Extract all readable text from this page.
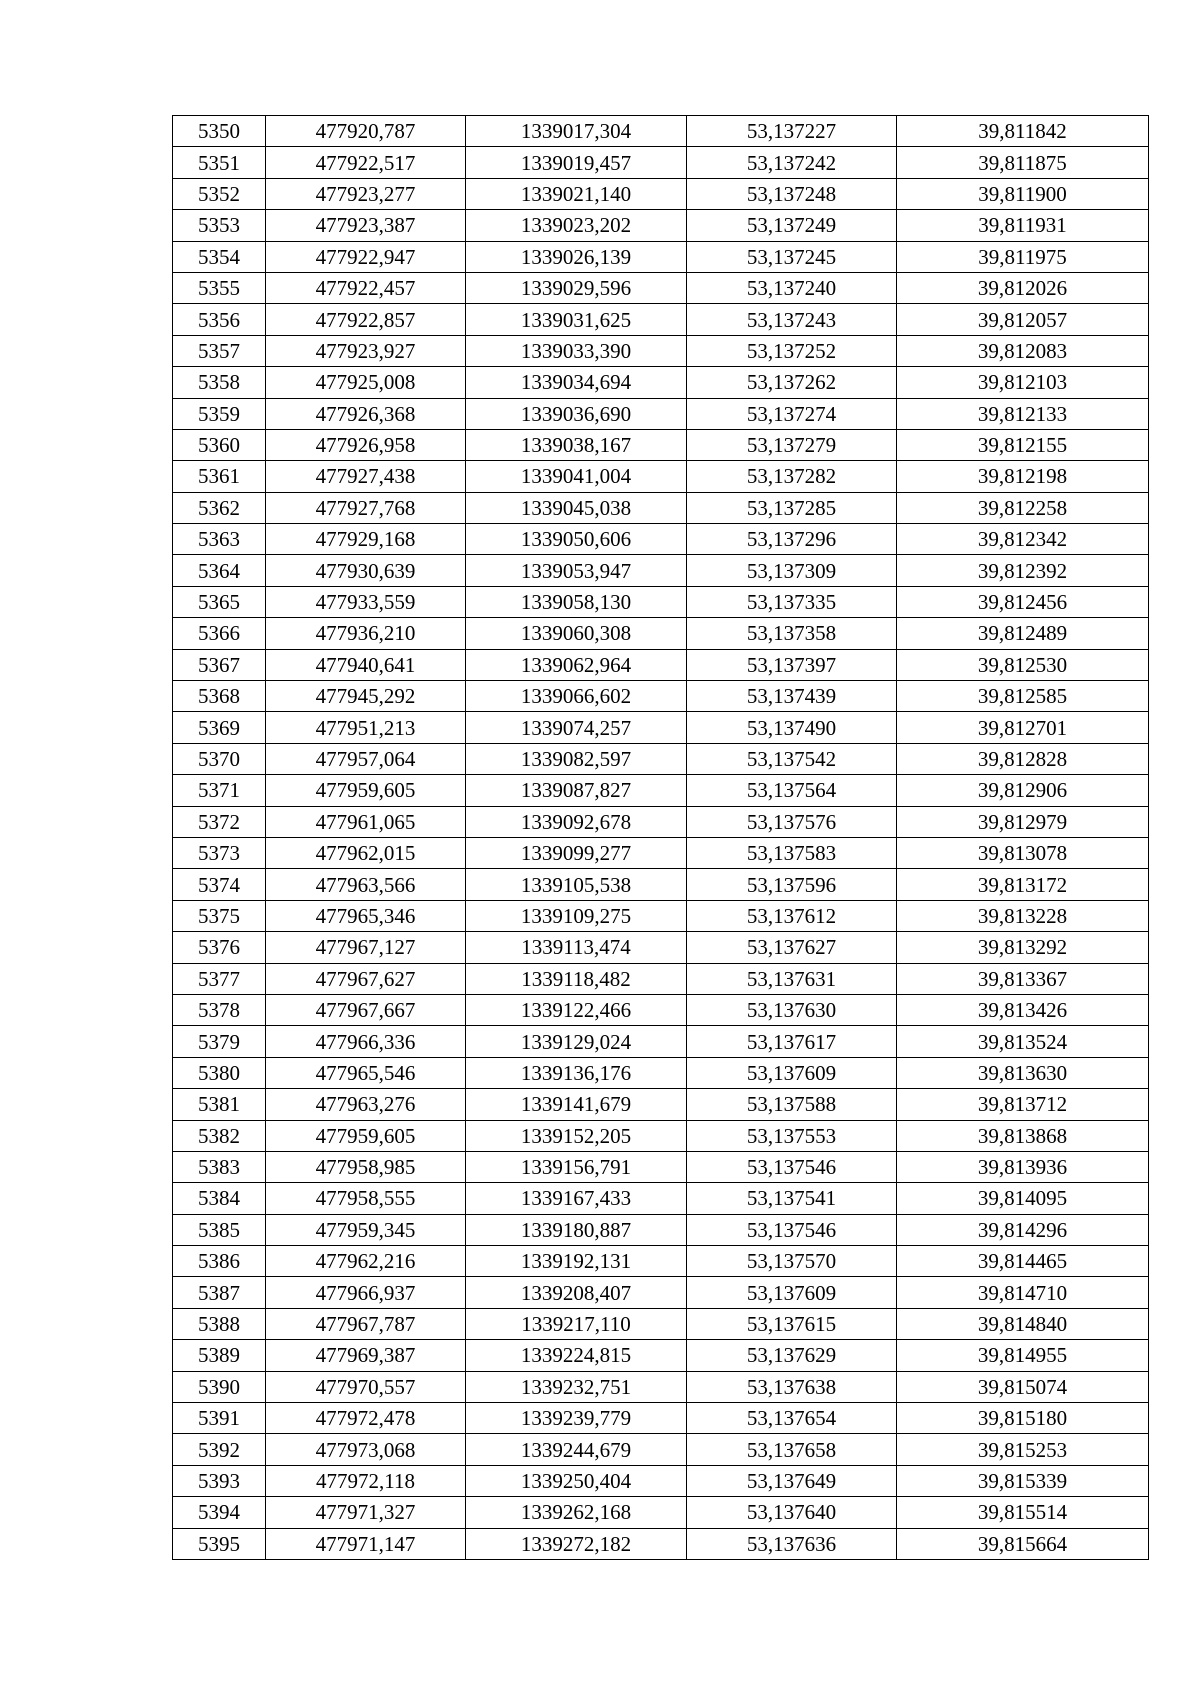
5350	477920,787	1339017,304	53,137227	39,811842
5351	477922,517	1339019,457	53,137242	39,811875
5352	477923,277	1339021,140	53,137248	39,811900
5353	477923,387	1339023,202	53,137249	39,811931
5354	477922,947	1339026,139	53,137245	39,811975
5355	477922,457	1339029,596	53,137240	39,812026
5356	477922,857	1339031,625	53,137243	39,812057
5357	477923,927	1339033,390	53,137252	39,812083
5358	477925,008	1339034,694	53,137262	39,812103
5359	477926,368	1339036,690	53,137274	39,812133
5360	477926,958	1339038,167	53,137279	39,812155
5361	477927,438	1339041,004	53,137282	39,812198
5362	477927,768	1339045,038	53,137285	39,812258
5363	477929,168	1339050,606	53,137296	39,812342
5364	477930,639	1339053,947	53,137309	39,812392
5365	477933,559	1339058,130	53,137335	39,812456
5366	477936,210	1339060,308	53,137358	39,812489
5367	477940,641	1339062,964	53,137397	39,812530
5368	477945,292	1339066,602	53,137439	39,812585
5369	477951,213	1339074,257	53,137490	39,812701
5370	477957,064	1339082,597	53,137542	39,812828
5371	477959,605	1339087,827	53,137564	39,812906
5372	477961,065	1339092,678	53,137576	39,812979
5373	477962,015	1339099,277	53,137583	39,813078
5374	477963,566	1339105,538	53,137596	39,813172
5375	477965,346	1339109,275	53,137612	39,813228
5376	477967,127	1339113,474	53,137627	39,813292
5377	477967,627	1339118,482	53,137631	39,813367
5378	477967,667	1339122,466	53,137630	39,813426
5379	477966,336	1339129,024	53,137617	39,813524
5380	477965,546	1339136,176	53,137609	39,813630
5381	477963,276	1339141,679	53,137588	39,813712
5382	477959,605	1339152,205	53,137553	39,813868
5383	477958,985	1339156,791	53,137546	39,813936
5384	477958,555	1339167,433	53,137541	39,814095
5385	477959,345	1339180,887	53,137546	39,814296
5386	477962,216	1339192,131	53,137570	39,814465
5387	477966,937	1339208,407	53,137609	39,814710
5388	477967,787	1339217,110	53,137615	39,814840
5389	477969,387	1339224,815	53,137629	39,814955
5390	477970,557	1339232,751	53,137638	39,815074
5391	477972,478	1339239,779	53,137654	39,815180
5392	477973,068	1339244,679	53,137658	39,815253
5393	477972,118	1339250,404	53,137649	39,815339
5394	477971,327	1339262,168	53,137640	39,815514
5395	477971,147	1339272,182	53,137636	39,815664
